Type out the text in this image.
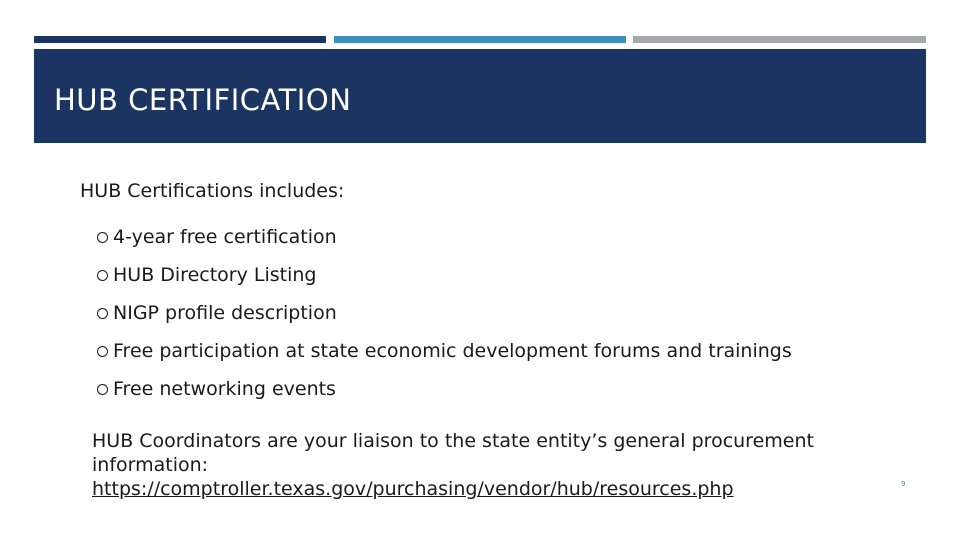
HUB CERTIFICATION
HUB Certifications includes:
4-year free certification
HUB Directory Listing
NIGP profile description
Free participation at state economic development forums and trainings
Free networking events
HUB Coordinators are your liaison to the state entity’s general procurement information:
https://comptroller.texas.gov/purchasing/vendor/hub/resources.php	9
